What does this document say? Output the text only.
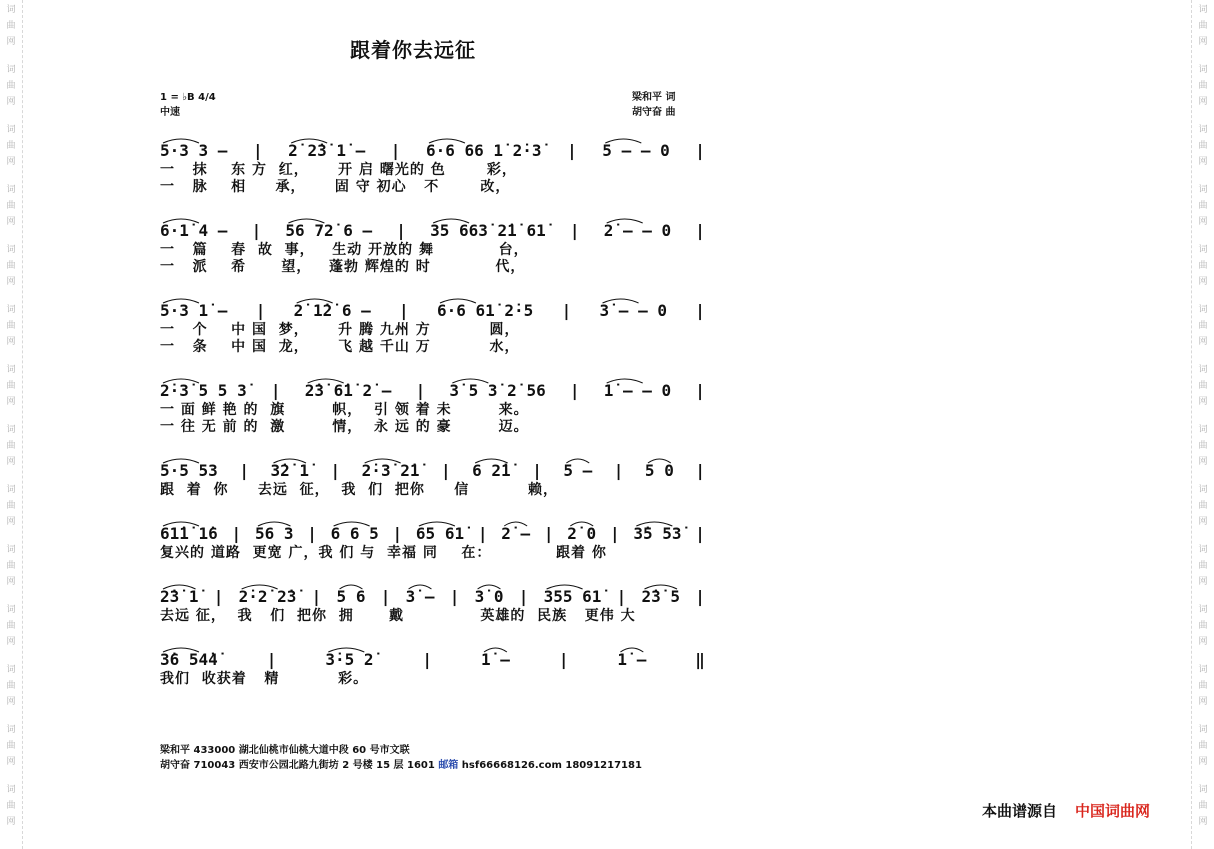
词
曲
网
词
曲
网
词
曲
网
词
曲
网
词
曲
网
词
曲
网
词
曲
网
词
曲
网
词
曲
网
词
曲
网
词
曲
网
词
曲
网
词
曲
网
词
曲
网
词
曲
网
词
曲
网
词
曲
网
词
曲
网
词
曲
网
词
曲
网
词
曲
网
词
曲
网
词
曲
网
词
曲
网
词
曲
网
词
曲
网
词
曲
网
词
曲
网
跟着你去远征
1 = ♭B 4/4
中速
梁和平 词
胡守奋 曲
5·3 3 — | 2̇ 2̇3̇ 1̇ — | 6·6 66 1̇ 2̇·3̇ | 5 — — 0 |
一   抹    东 方  红，     开 启 曙光的 色       彩，
一   脉    相     承，     固 守 初心   不       改，
6·1̇ 4 — | 56 72̇ 6 — | 35 663̇ 2̇1̇ 61̇ | 2̇ — — 0 |
一   篇    春  故  事，   生动 开放的 舞           台，
一   派    希      望，   蓬勃 辉煌的 时           代，
5·3 1̇ — | 2̇ 1̇2̇ 6 — | 6·6 61̇ 2̇·5 | 3̇ — — 0 |
一   个    中 国  梦，     升 腾 九州 方          圆，
一   条    中 国  龙，     飞 越 千山 万          水，
2̇·3̇ 5 5 3̇ | 2̇3̇ 6̇1̇ 2̇ — | 3̇ 5 3̇ 2̇ 56 | 1̇ — — 0 |
一 面 鲜 艳 的  旗        帜，  引 领 着 未        来。
一 往 无 前 的  激        情，  永 远 的 豪        迈。
5·5 53 | 3̇2̇ 1̇ | 2̇·3̇ 2̇1̇ | 6 2̇1̇ | 5 — | 5 0 |
跟  着  你     去远  征，  我  们  把你     信          赖，
61̇1̇ 1̇6 | 56 3 | 6 6 5 | 65 61̇ | 2̇ — | 2̇ 0 | 3̇5 53̇ |
复兴的 道路  更宽 广，我 们 与  幸福 同    在：           跟着 你
2̇3̇ 1̇ | 2̇·2̇ 2̇3̇ | 5 6 | 3̇ — | 3̇ 0 | 355 61̇ | 2̇3̇ 5 |
去远 征，  我   们  把你  拥      戴             英雄的  民族   更伟 大
3̇6 54̇4̇	|	3̇·5 2̇	|	1̇ —	|	1̇ —	‖
我们  收获着   精          彩。
梁和平 433000 湖北仙桃市仙桃大道中段 60 号市文联
胡守奋 710043 西安市公园北路九街坊 2 号楼 15 层 1601 邮箱 hsf66668126.com 18091217181
本曲谱源自 中国词曲网
